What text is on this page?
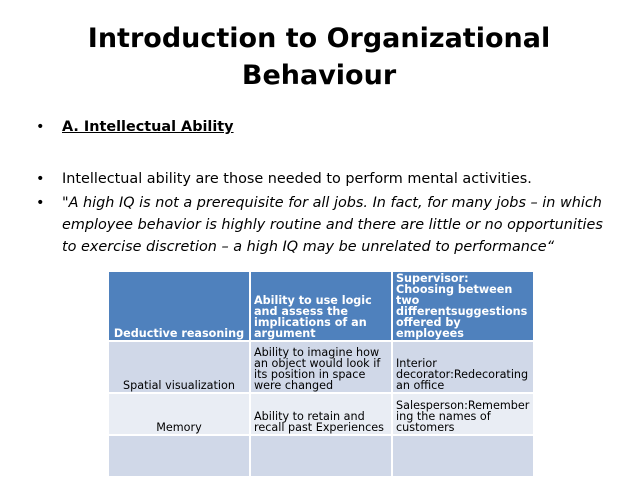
Introduction to Organizational
Behaviour
•	A. Intellectual Ability
•	Intellectual ability are those needed to perform mental activities.
•	"A high IQ is not a prerequisite for all jobs. In fact, for many jobs – in which employee behavior is highly routine and there are little or no opportunities to exercise discretion – a high IQ may be unrelated to performance“
Deductive reasoning	Ability to use logic and assess the implications of an argument	Supervisor: Choosing between two differentsuggestions offered by employees
Spatial visualization	Ability to imagine how an object would look if its position in space were changed	Interior decorator:Redecorating an office
Memory	Ability to retain and recall past Experiences	Salesperson:Remember ing the names of customers
